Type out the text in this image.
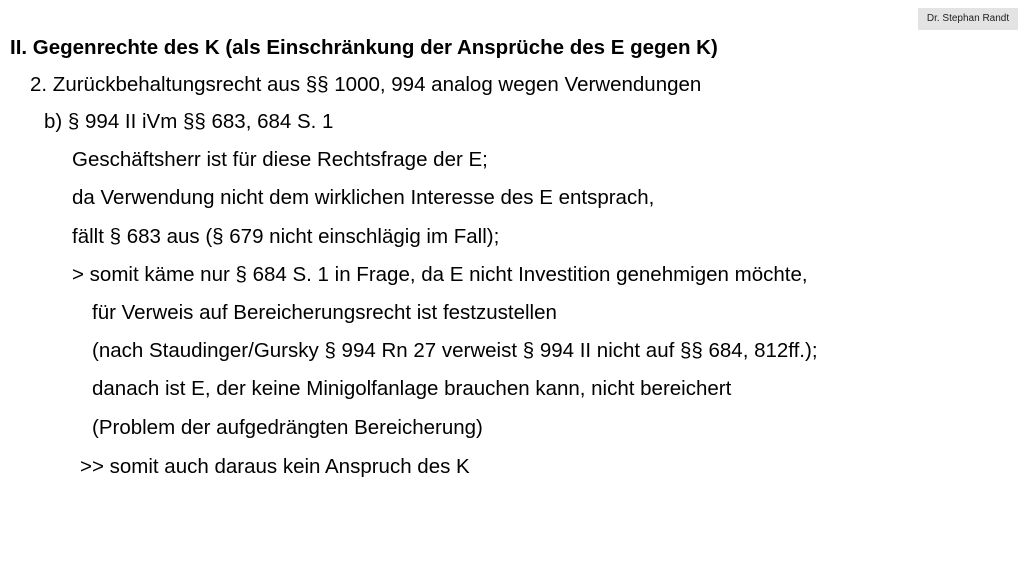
Dr. Stephan Randt
II. Gegenrechte des K (als Einschränkung der Ansprüche des E gegen K)
2. Zurückbehaltungsrecht aus §§ 1000, 994 analog wegen Verwendungen
b) § 994 II iVm §§ 683, 684 S. 1
Geschäftsherr ist für diese Rechtsfrage der E;
da Verwendung nicht dem wirklichen Interesse des E entsprach,
fällt § 683 aus (§ 679 nicht einschlägig im Fall);
> somit käme nur § 684 S. 1 in Frage, da E nicht Investition genehmigen möchte,
für Verweis auf Bereicherungsrecht ist festzustellen
(nach Staudinger/Gursky § 994 Rn 27 verweist § 994 II nicht auf §§ 684, 812ff.);
danach ist E, der keine Minigolfanlage brauchen kann, nicht bereichert
(Problem der aufgedrängten Bereicherung)
>> somit auch daraus kein Anspruch des K
